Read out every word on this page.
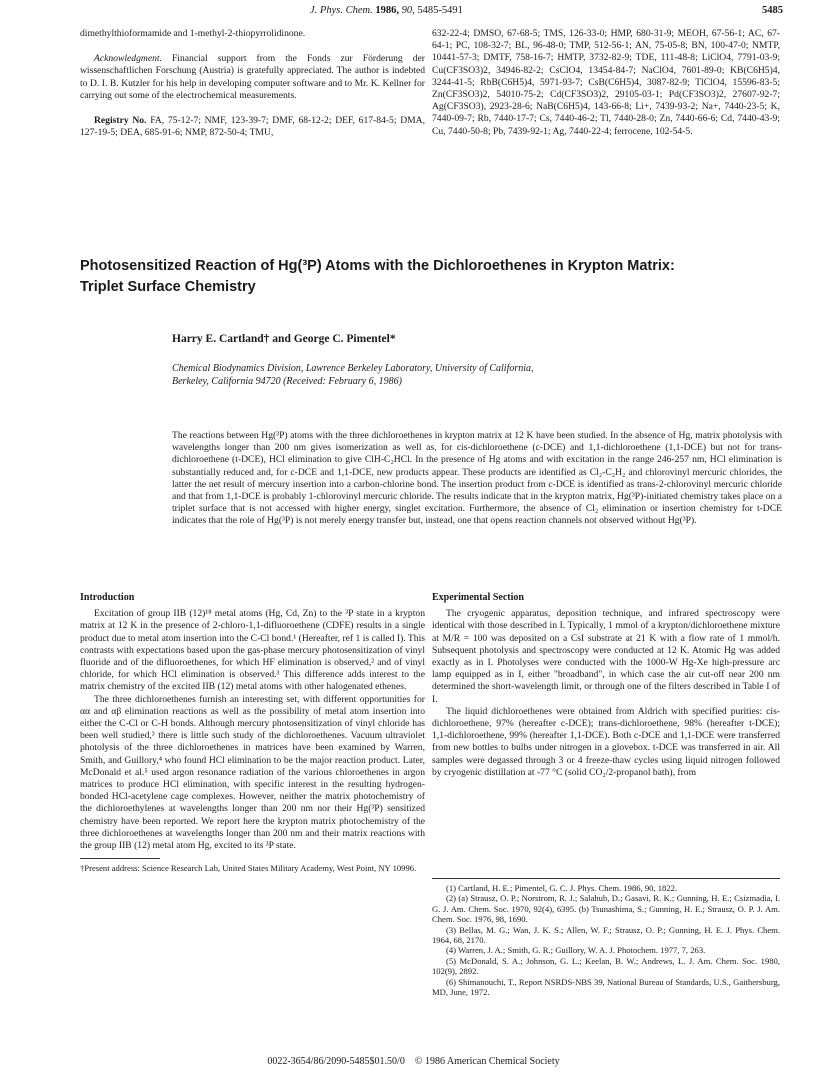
J. Phys. Chem. 1986, 90, 5485-5491	5485

dimethylthioformamide and 1-methyl-2-thiopyrrolidinone.

Acknowledgment. Financial support from the Fonds zur Förderung der wissenschaftlichen Forschung (Austria) is gratefully appreciated. The author is indebted to D. I. B. Kutzler for his help in developing computer software and to Mr. K. Kellner for carrying out some of the electrochemical measurements.

Registry No. FA, 75-12-7; NMF, 123-39-7; DMF, 68-12-2; DEF, 617-84-5; DMA, 127-19-5; DEA, 685-91-6; NMP, 872-50-4; TMU,

632-22-4; DMSO, 67-68-5; TMS, 126-33-0; HMP, 680-31-9; MEOH, 67-56-1; AC, 67-64-1; PC, 108-32-7; BL, 96-48-0; TMP, 512-56-1; AN, 75-05-8; BN, 100-47-0; NMTP, 10441-57-3; DMTF, 758-16-7; HMTP, 3732-82-9; TDE, 111-48-8; LiClO4, 7791-03-9; Cu(CF3SO3)2, 34946-82-2; CsClO4, 13454-84-7; NaClO4, 7601-89-0; KB(C6H5)4, 3244-41-5; RbB(C6H5)4, 5971-93-7; CsB(C6H5)4, 3087-82-9; TlClO4, 15596-83-5; Zn(CF3SO3)2, 54010-75-2; Cd(CF3SO3)2, 29105-03-1; Pd(CF3SO3)2, 27607-92-7; Ag(CF3SO3), 2923-28-6; NaB(C6H5)4, 143-66-8; Li+, 7439-93-2; Na+, 7440-23-5; K, 7440-09-7; Rb, 7440-17-7; Cs, 7440-46-2; Tl, 7440-28-0; Zn, 7440-66-6; Cd, 7440-43-9; Cu, 7440-50-8; Pb, 7439-92-1; Ag, 7440-22-4; ferrocene, 102-54-5.

Photosensitized Reaction of Hg(³P) Atoms with the Dichloroethenes in Krypton Matrix:
Triplet Surface Chemistry
Harry E. Cartland† and George C. Pimentel*
Chemical Biodynamics Division, Lawrence Berkeley Laboratory, University of California,
Berkeley, California 94720 (Received: February 6, 1986)

The reactions between Hg(³P) atoms with the three dichloroethenes in krypton matrix at 12 K have been studied. In the absence of Hg, matrix photolysis with wavelengths longer than 200 nm gives isomerization as well as, for cis-dichloroethene (c-DCE) and 1,1-dichloroethene (1,1-DCE) but not for trans-dichloroethene (t-DCE), HCl elimination to give ClH-C₂HCl. In the presence of Hg atoms and with excitation in the range 246-257 nm, HCl elimination is substantially reduced and, for c-DCE and 1,1-DCE, new products appear. These products are identified as Cl₂-C₂H₂ and chlorovinyl mercuric chlorides, the latter the net result of mercury insertion into a carbon-chlorine bond. The insertion product from c-DCE is identified as trans-2-chlorovinyl mercuric chloride and that from 1,1-DCE is probably 1-chlorovinyl mercuric chloride. The results indicate that in the krypton matrix, Hg(³P)-initiated chemistry takes place on a triplet surface that is not accessed with higher energy, singlet excitation. Furthermore, the absence of Cl₂ elimination or insertion chemistry for t-DCE indicates that the role of Hg(³P) is not merely energy transfer but, instead, one that opens reaction channels not observed without Hg(³P).

Introduction

Excitation of group IIB (12)¹⁸ metal atoms (Hg, Cd, Zn) to the ³P state in a krypton matrix at 12 K in the presence of 2-chloro-1,1-difluoroethene (CDFE) results in a single product due to metal atom insertion into the C-Cl bond.¹ (Hereafter, ref 1 is called I). This contrasts with expectations based upon the gas-phase mercury photosensitization of vinyl fluoride and of the difluoroethenes, for which HF elimination is observed,² and of vinyl chloride, for which HCl elimination is observed.³ This difference adds interest to the matrix chemistry of the excited IIB (12) metal atoms with other halogenated ethenes.

The three dichloroethenes furnish an interesting set, with different opportunities for αα and αβ elimination reactions as well as the possibility of metal atom insertion into either the C-Cl or C-H bonds. Although mercury photosensitization of vinyl chloride has been well studied,³ there is little such study of the dichloroethenes. Vacuum ultraviolet photolysis of the three dichloroethenes in matrices have been examined by Warren, Smith, and Guillory,⁴ who found HCl elimination to be the major reaction product. Later, McDonald et al.⁵ used argon resonance radiation of the various chloroethenes in argon matrices to produce HCl elimination, with specific interest in the resulting hydrogen-bonded HCl-acetylene cage complexes. However, neither the matrix photochemistry of the dichloroethylenes at wavelengths longer than 200 nm nor their Hg(³P) sensitized chemistry have been reported. We report here the krypton matrix photochemistry of the three dichloroethenes at wavelengths longer than 200 nm and their matrix reactions with the group IIB (12) metal atom Hg, excited to its ³P state.

†Present address: Science Research Lab, United States Military Academy, West Point, NY 10996.

Experimental Section

The cryogenic apparatus, deposition technique, and infrared spectroscopy were identical with those described in I. Typically, 1 mmol of a krypton/dichloroethene mixture at M/R = 100 was deposited on a CsI substrate at 21 K with a flow rate of 1 mmol/h. Subsequent photolysis and spectroscopy were conducted at 12 K. Atomic Hg was added exactly as in I. Photolyses were conducted with the 1000-W Hg-Xe high-pressure arc lamp equipped as in I, either "broadband", in which case the air cut-off near 200 nm determined the short-wavelength limit, or through one of the filters described in Table I of I.

The liquid dichloroethenes were obtained from Aldrich with specified purities: cis-dichloroethene, 97% (hereafter c-DCE); trans-dichloroethene, 98% (hereafter t-DCE); 1,1-dichloroethene, 99% (hereafter 1,1-DCE). Both c-DCE and 1,1-DCE were transferred from new bottles to bulbs under nitrogen in a glovebox. t-DCE was transferred in air. All samples were degassed through 3 or 4 freeze-thaw cycles using liquid nitrogen followed by cryogenic distillation at -77 °C (solid CO₂/2-propanol bath), from

(1) Cartland, H. E.; Pimentel, G. C. J. Phys. Chem. 1986, 90, 1822.

(2) (a) Strausz, O. P.; Norstrom, R. J.; Salahub, D.; Gasavi, R. K.; Gunning, H. E.; Csizmadia, I. G. J. Am. Chem. Soc. 1970, 92(4), 6395. (b) Tsunashima, S.; Gunning, H. E.; Strausz, O. P. J. Am. Chem. Soc. 1976, 98, 1690.

(3) Bellas, M. G.; Wan, J. K. S.; Allen, W. F.; Strausz, O. P.; Gunning, H. E. J. Phys. Chem. 1964, 68, 2170.

(4) Warren, J. A.; Smith, G. R.; Guillory, W. A. J. Photochem. 1977, 7, 263.

(5) McDonald, S. A.; Johnson, G. L.; Keelan, B. W.; Andrews, L. J. Am. Chem. Soc. 1980, 102(9), 2892.

(6) Shimanouchi, T., Report NSRDS-NBS 39, National Bureau of Standards, U.S., Gaithersburg, MD, June, 1972.

0022-3654/86/2090-5485$01.50/0 © 1986 American Chemical Society
